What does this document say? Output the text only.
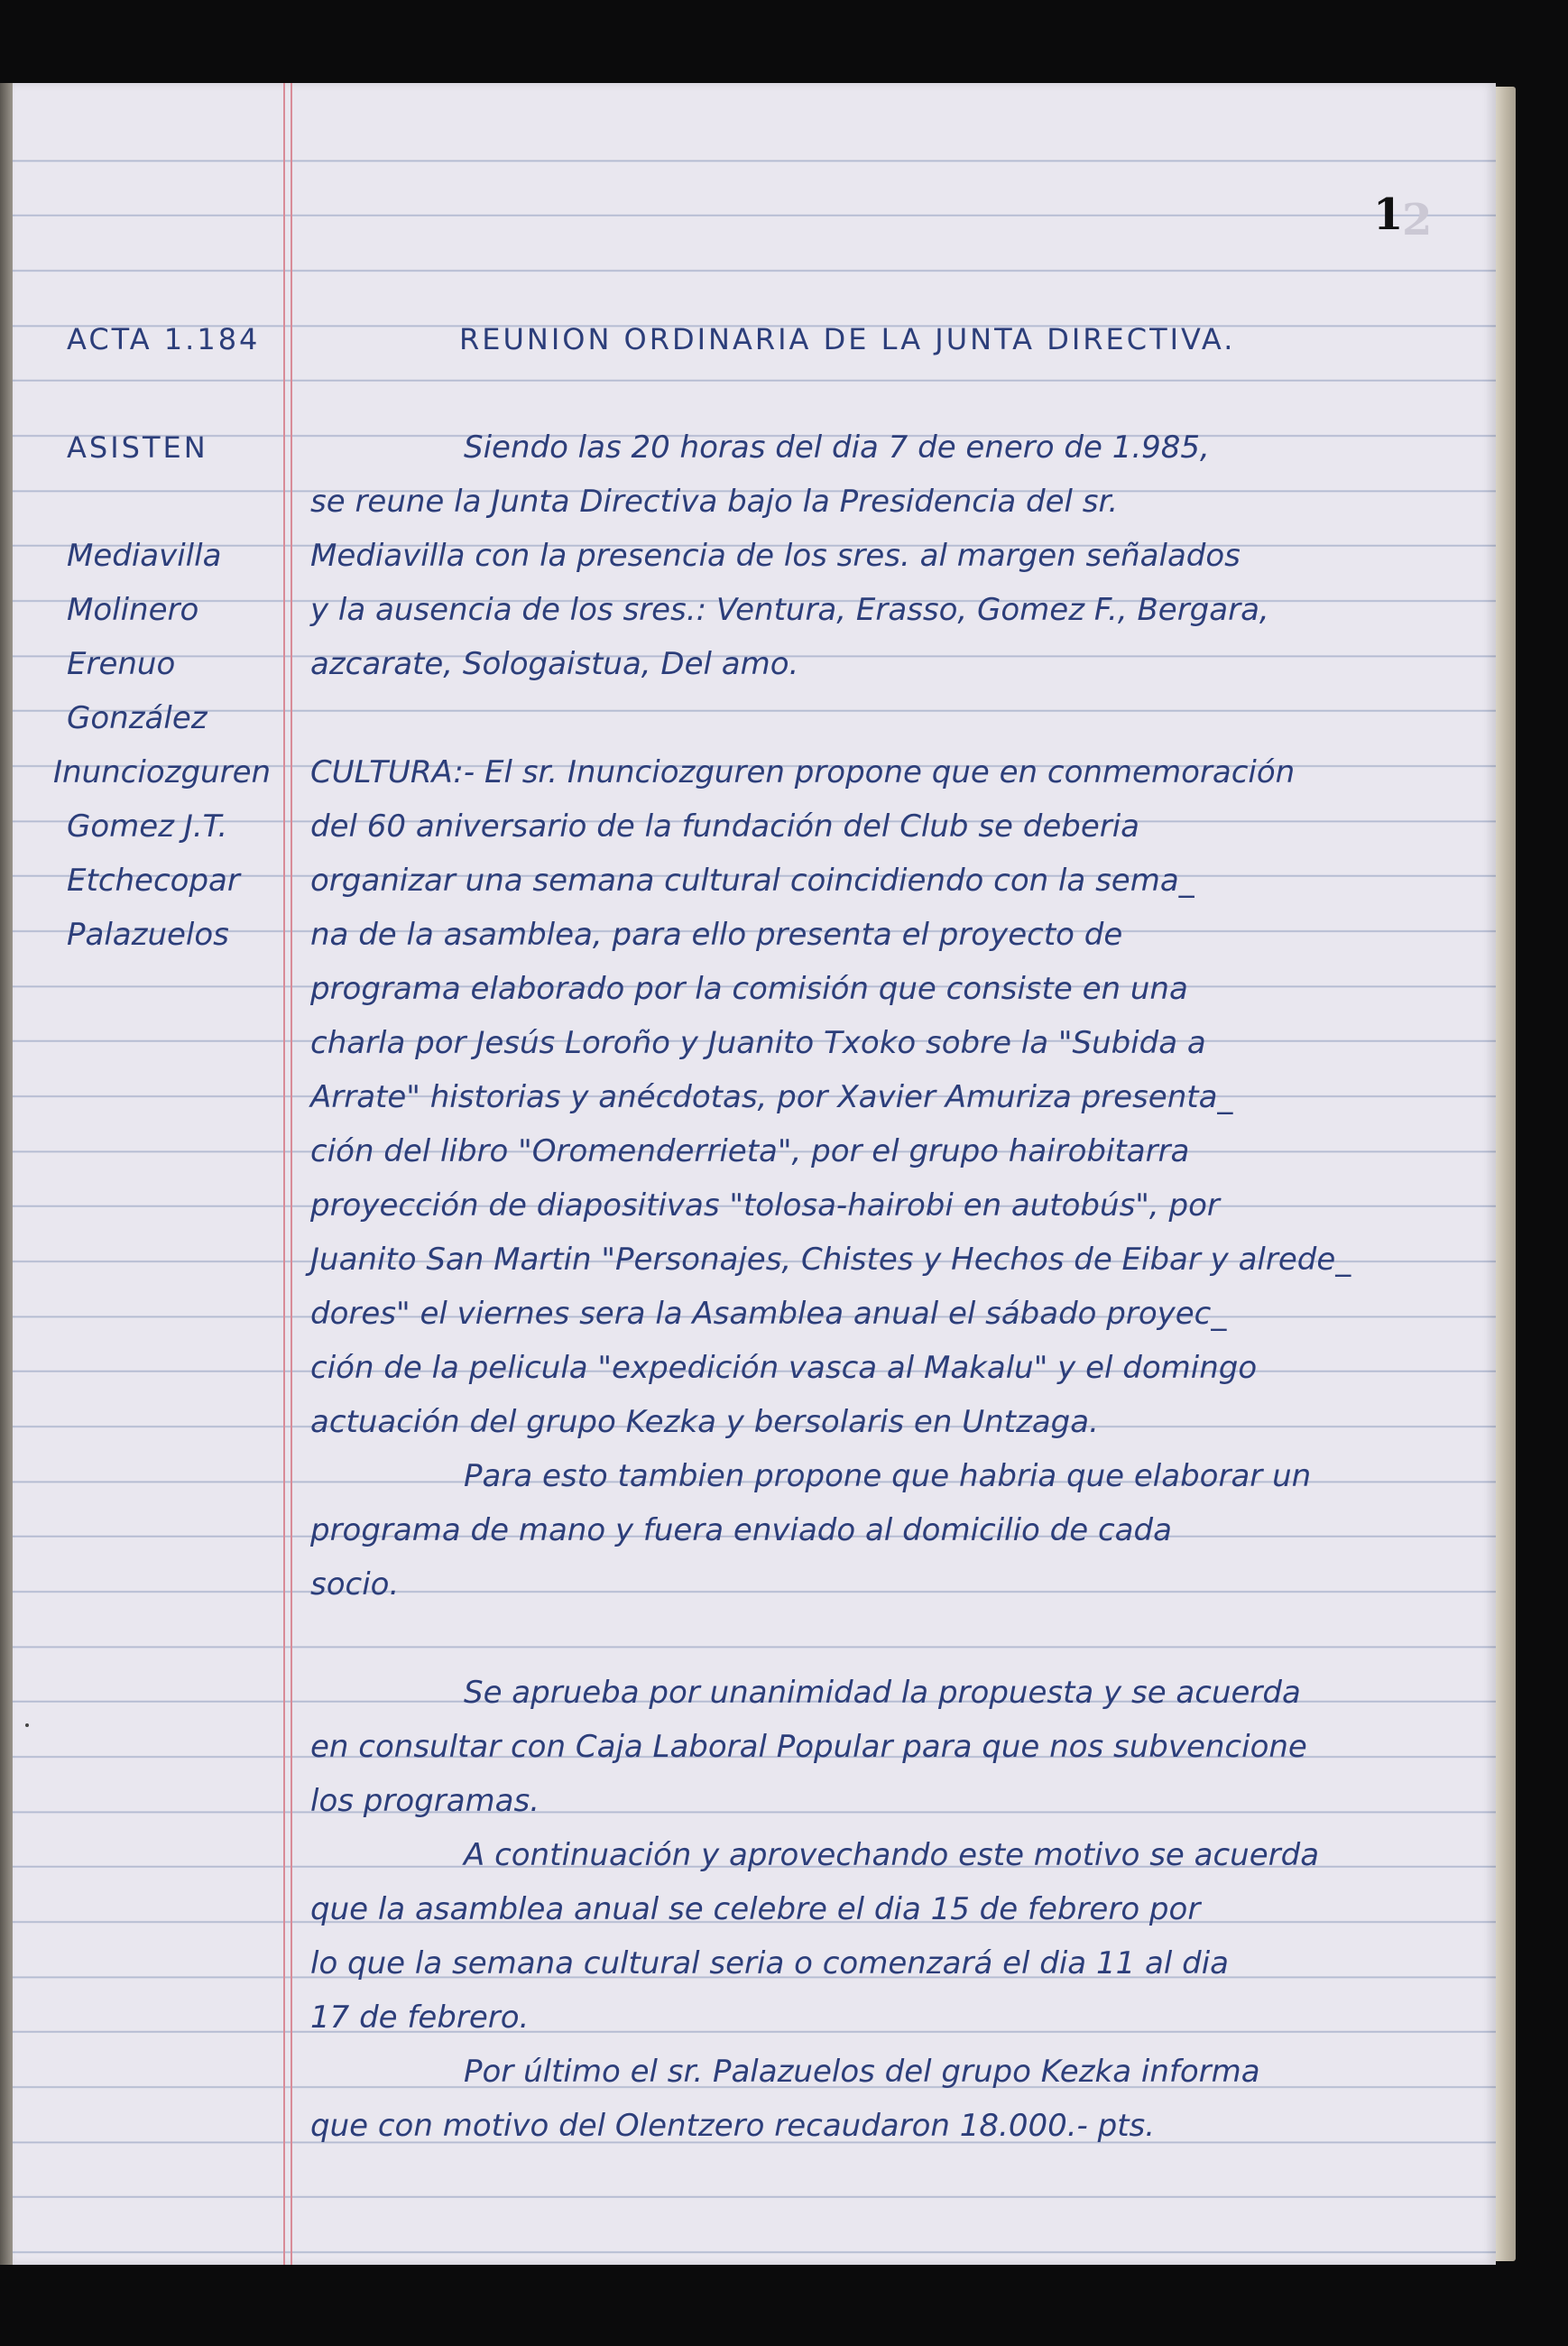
2
1
ACTA 1.184	REUNION ORDINARIA DE LA JUNTA DIRECTIVA.
ASISTEN
Mediavilla
Molinero
Erenuo
González
Inunciozguren
Gomez J.T.
Etchecopar
Palazuelos
Siendo las 20 horas del dia 7 de enero de 1.985,
se reune la Junta Directiva bajo la Presidencia del sr.
Mediavilla con la presencia de los sres. al margen señalados
y la ausencia de los sres.: Ventura, Erasso, Gomez F., Bergara,
azcarate, Sologaistua, Del amo.
CULTURA:- El sr. Inunciozguren propone que en conmemoración
del 60 aniversario de la fundación del Club se deberia
organizar una semana cultural coincidiendo con la sema_
na de la asamblea, para ello presenta el proyecto de
programa elaborado por la comisión que consiste en una
charla por Jesús Loroño y Juanito Txoko sobre la "Subida a
Arrate" historias y anécdotas, por Xavier Amuriza presenta_
ción del libro "Oromenderrieta", por el grupo hairobitarra
proyección de diapositivas "tolosa-hairobi en autobús", por
Juanito San Martin "Personajes, Chistes y Hechos de Eibar y alrede_
dores" el viernes sera la Asamblea anual el sábado proyec_
ción de la pelicula "expedición vasca al Makalu" y el domingo
actuación del grupo Kezka y bersolaris en Untzaga.
Para esto tambien propone que habria que elaborar un
programa de mano y fuera enviado al domicilio de cada
socio.
Se aprueba por unanimidad la propuesta y se acuerda
en consultar con Caja Laboral Popular para que nos subvencione
los programas.
A continuación y aprovechando este motivo se acuerda
que la asamblea anual se celebre el dia 15 de febrero por
lo que la semana cultural seria o comenzará el dia 11 al dia
17 de febrero.
Por último el sr. Palazuelos del grupo Kezka informa
que con motivo del Olentzero recaudaron 18.000.- pts.
